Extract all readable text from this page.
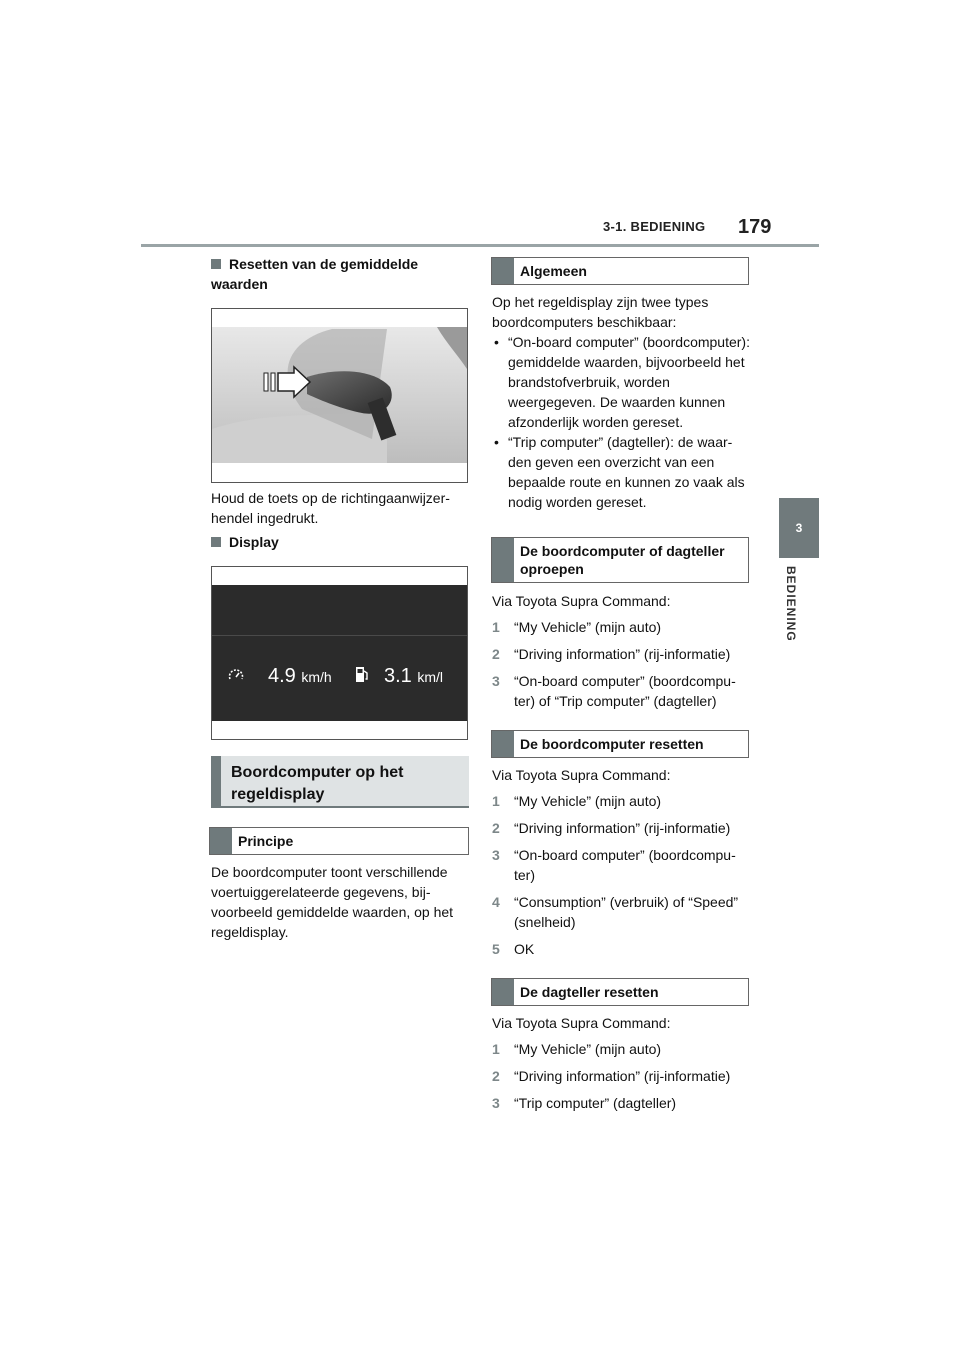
3-1. BEDIENING 179
3
BEDIENING
Resetten van de gemiddelde waarden
Houd de toets op de richtingaanwijzerhendel ingedrukt.
Display
4.9 km/h	3.1 km/l
Boordcomputer op het regeldisplay
Principe
De boordcomputer toont verschillende voertuiggerelateerde gegevens, bijvoorbeeld gemiddelde waarden, op het regeldisplay.
Algemeen
Op het regeldisplay zijn twee types boordcomputers beschikbaar:
• “On-board computer” (boordcomputer): gemiddelde waarden, bijvoorbeeld het brandstofverbruik, worden weergegeven. De waarden kunnen afzonderlijk worden gereset.
• “Trip computer” (dagteller): de waarden geven een overzicht van een bepaalde route en kunnen zo vaak als nodig worden gereset.
De boordcomputer of dagteller oproepen
Via Toyota Supra Command:
1	“My Vehicle” (mijn auto)
2	“Driving information” (rij-informatie)
3	“On-board computer” (boordcomputer) of “Trip computer” (dagteller)
De boordcomputer resetten
Via Toyota Supra Command:
1	“My Vehicle” (mijn auto)
2	“Driving information” (rij-informatie)
3	“On-board computer” (boordcomputer)
4	“Consumption” (verbruik) of “Speed” (snelheid)
5	OK
De dagteller resetten
Via Toyota Supra Command:
1	“My Vehicle” (mijn auto)
2	“Driving information” (rij-informatie)
3	“Trip computer” (dagteller)
